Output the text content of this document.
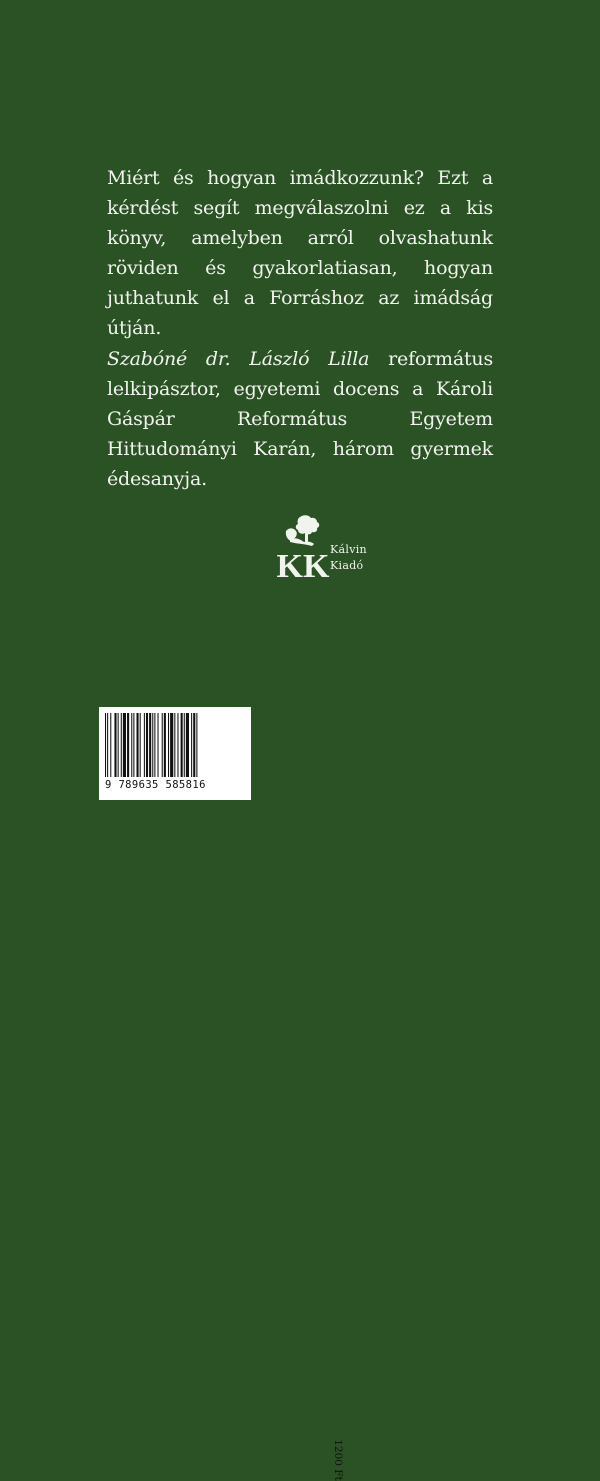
Miért és hogyan imádkozzunk? Ezt a kérdést segít megválaszolni ez a kis könyv, amelyben arról olvashatunk röviden és gyakorlatiasan, hogyan juthatunk el a Forráshoz az imádság útján.
Szabóné dr. László Lilla református lelkipásztor, egyetemi docens a Károli Gáspár Református Egyetem Hittudományi Karán, három gyermek édesanyja.
KK Kálvin
Kiadó
9 789635 585816
1200 Ft
